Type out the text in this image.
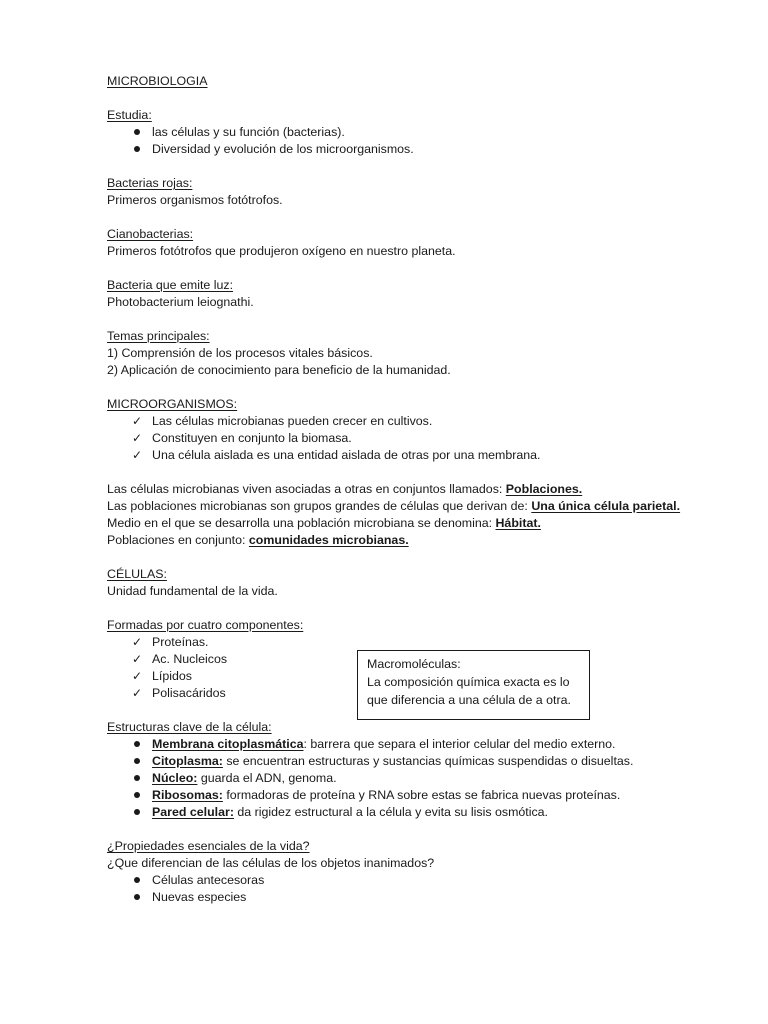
MICROBIOLOGIA
Estudia:
las células y su función (bacterias).
Diversidad y evolución de los microorganismos.
Bacterias rojas:
Primeros organismos fotótrofos.
Cianobacterias:
Primeros fotótrofos que produjeron oxígeno en nuestro planeta.
Bacteria que emite luz:
Photobacterium leiognathi.
Temas principales:
1) Comprensión de los procesos vitales básicos.
2) Aplicación de conocimiento para beneficio de la humanidad.
MICROORGANISMOS:
✓ Las células microbianas pueden crecer en cultivos.
✓ Constituyen en conjunto la biomasa.
✓ Una célula aislada es una entidad aislada de otras por una membrana.
Las células microbianas viven asociadas a otras en conjuntos llamados: Poblaciones.
Las poblaciones microbianas son grupos grandes de células que derivan de: Una única célula parietal.
Medio en el que se desarrolla una población microbiana se denomina: Hábitat.
Poblaciones en conjunto: comunidades microbianas.
CÉLULAS:
Unidad fundamental de la vida.
Formadas por cuatro componentes:
✓ Proteínas.
✓ Ac. Nucleicos
✓ Lípidos
✓ Polisacáridos
Estructuras clave de la célula:
Membrana citoplasmática: barrera que separa el interior celular del medio externo.
Citoplasma: se encuentran estructuras y sustancias químicas suspendidas o disueltas.
Núcleo: guarda el ADN, genoma.
Ribosomas: formadoras de proteína y RNA sobre estas se fabrica nuevas proteínas.
Pared celular: da rigidez estructural a la célula y evita su lisis osmótica.
¿Propiedades esenciales de la vida?
¿Que diferencian de las células de los objetos inanimados?
Células antecesoras
Nuevas especies
Macromoléculas:
La composición química exacta es lo
que diferencia a una célula de a otra.
